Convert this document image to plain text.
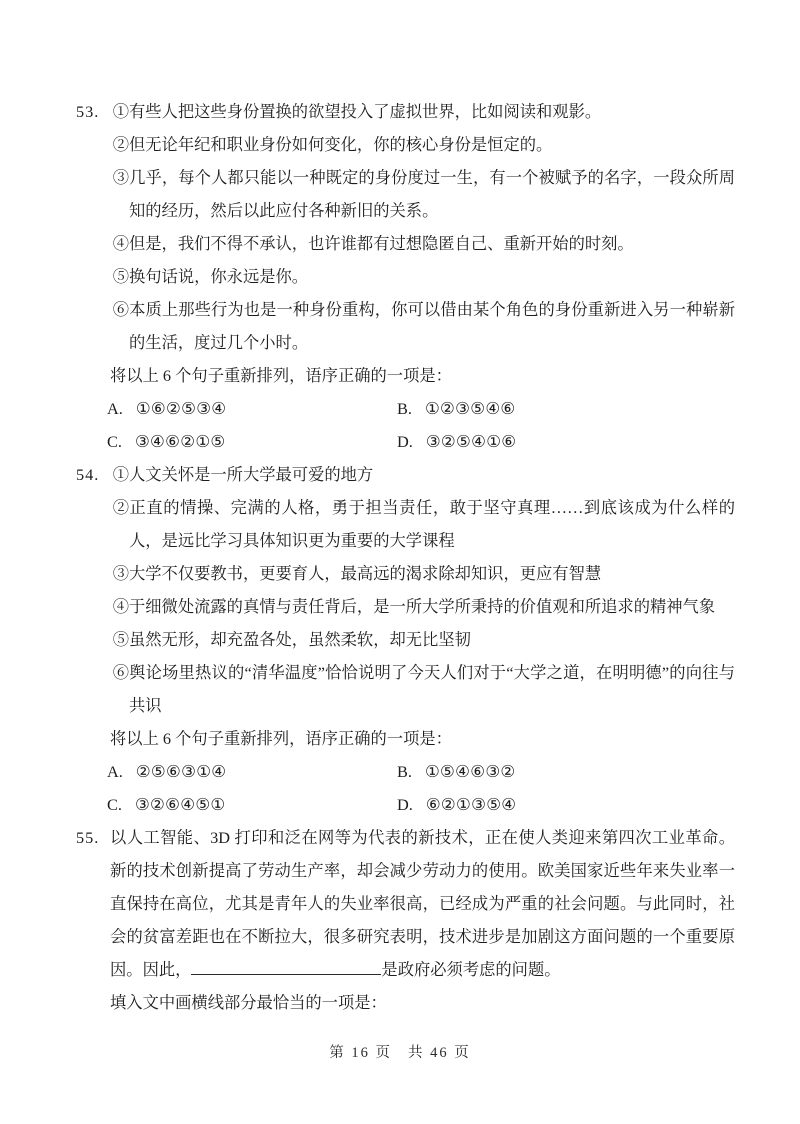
53. ①有些人把这些身份置换的欲望投入了虚拟世界，比如阅读和观影。

②但无论年纪和职业身份如何变化，你的核心身份是恒定的。

③几乎，每个人都只能以一种既定的身份度过一生，有一个被赋予的名字，一段众所周知的经历，然后以此应付各种新旧的关系。

④但是，我们不得不承认，也许谁都有过想隐匿自己、重新开始的时刻。

⑤换句话说，你永远是你。

⑥本质上那些行为也是一种身份重构，你可以借由某个角色的身份重新进入另一种崭新的生活，度过几个小时。

将以上 6 个句子重新排列，语序正确的一项是：

A. ①⑥②⑤③④	B. ①②③⑤④⑥
C. ③④⑥②①⑤	D. ③②⑤④①⑥
54. ①人文关怀是一所大学最可爱的地方

②正直的情操、完满的人格，勇于担当责任，敢于坚守真理……到底该成为什么样的人，是远比学习具体知识更为重要的大学课程

③大学不仅要教书，更要育人，最高远的渴求除却知识，更应有智慧

④于细微处流露的真情与责任背后，是一所大学所秉持的价值观和所追求的精神气象

⑤虽然无形，却充盈各处，虽然柔软，却无比坚韧

⑥舆论场里热议的“清华温度”恰恰说明了今天人们对于“大学之道，在明明德”的向往与共识

将以上 6 个句子重新排列，语序正确的一项是：

A. ②⑤⑥③①④	B. ①⑤④⑥③②
C. ③②⑥④⑤①	D. ⑥②①③⑤④
55. 以人工智能、3D 打印和泛在网等为代表的新技术，正在使人类迎来第四次工业革命。新的技术创新提高了劳动生产率，却会减少劳动力的使用。欧美国家近些年来失业率一直保持在高位，尤其是青年人的失业率很高，已经成为严重的社会问题。与此同时，社会的贫富差距也在不断拉大，很多研究表明，技术进步是加剧这方面问题的一个重要原因。因此，	是政府必须考虑的问题。

填入文中画横线部分最恰当的一项是：

第 16 页 共 46 页
